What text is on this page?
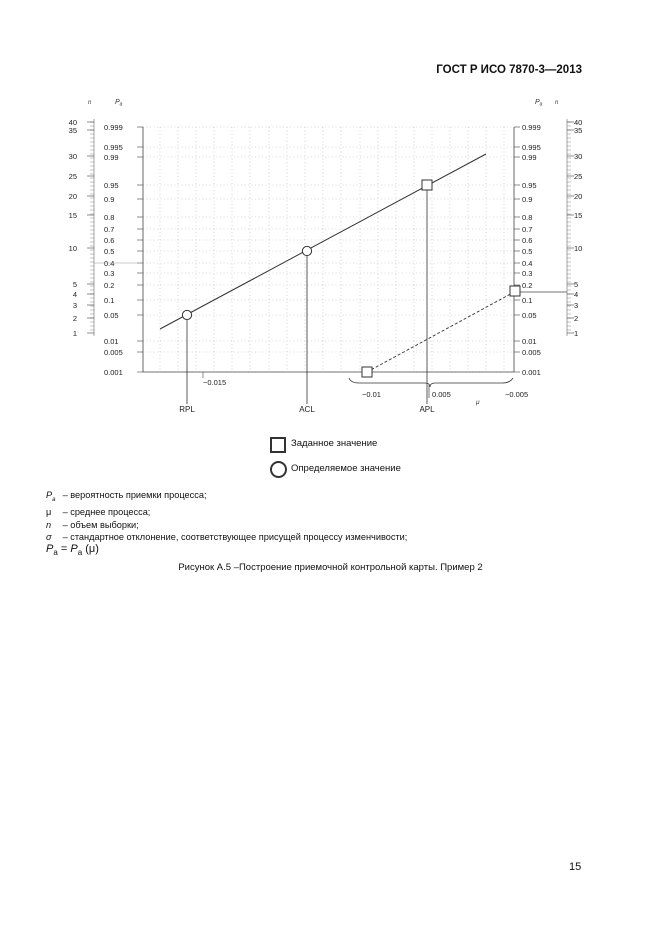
ГОСТ Р ИСО 7870-3—2013
n	$P_a$	$P_a$ n
0.999	0.999
0.995	0.995
0.99	0.99
0.95	0.95
0.9	0.9
0.8	0.8
0.7	0.7
0.6	0.6
0.5	0.5
0.4	0.4
0.3	0.3
0.2	0.2
0.1	0.1
0.05	0.05
0.01	0.01
0.005	0.005
0.001	0.001
40
35
30
25
20
15
10
5
4
3
2
1
40
35
30
25
20
15
10
5
4
3
2
1
−0.015
−0.01	0.005	−0.005
μ
RPL	ACL	APL
Заданное значение
Определяемое значение
$P_a$ – вероятность приемки процесса;
μ – среднее процесса;
n – объем выборки;
σ – стандартное отклонение, соответствующее присущей процессу изменчивости;
$P_a = P_a$ (μ)
Рисунок А.5 –Построение приемочной контрольной карты. Пример 2
15
